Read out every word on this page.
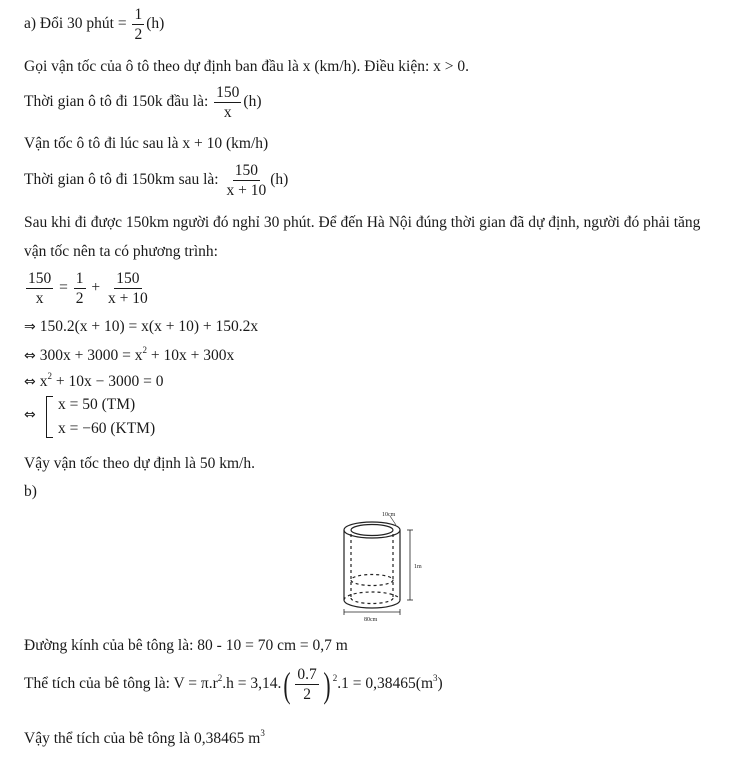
a) Đổi 30 phút = $\frac{1}{2} (h)$
Gọi vận tốc của ô tô theo dự định ban đầu là x (km/h). Điều kiện: x > 0.
Thời gian ô tô đi 150k đầu là: $\frac{150}{x} (h)$
Vận tốc ô tô đi lúc sau là x + 10 (km/h)
Thời gian ô tô đi 150km sau là: $\frac{150}{x + 10} (h)$
Sau khi đi được 150km người đó nghỉ 30 phút. Để đến Hà Nội đúng thời gian đã dự định, người đó phải tăng
vận tốc nên ta có phương trình:
$\frac{150}{x} = \frac{1}{2} + \frac{150}{x + 10}$
⇒ 150.2(x + 10) = x(x + 10) + 150.2x
⇔ $300x + 3000 = x^2 + 10x + 300x$
⇔ $x^2 + 10x - 3000 = 0$
⇔
x = 50 (TM)
x = −60 (KTM)
Vậy vận tốc theo dự định là 50 km/h.
b)
10cm
1m
80cm
Đường kính của bê tông là: 80 - 10 = 70 cm = 0,7 m
Thể tích của bê tông là: $V = \pi.r^2.h = 3,14.( \frac{0.7}{2}$ ) $^2.1 = 0,38465(m^3)$
Vậy thể tích của bê tông là 0,38465 $m^3$
